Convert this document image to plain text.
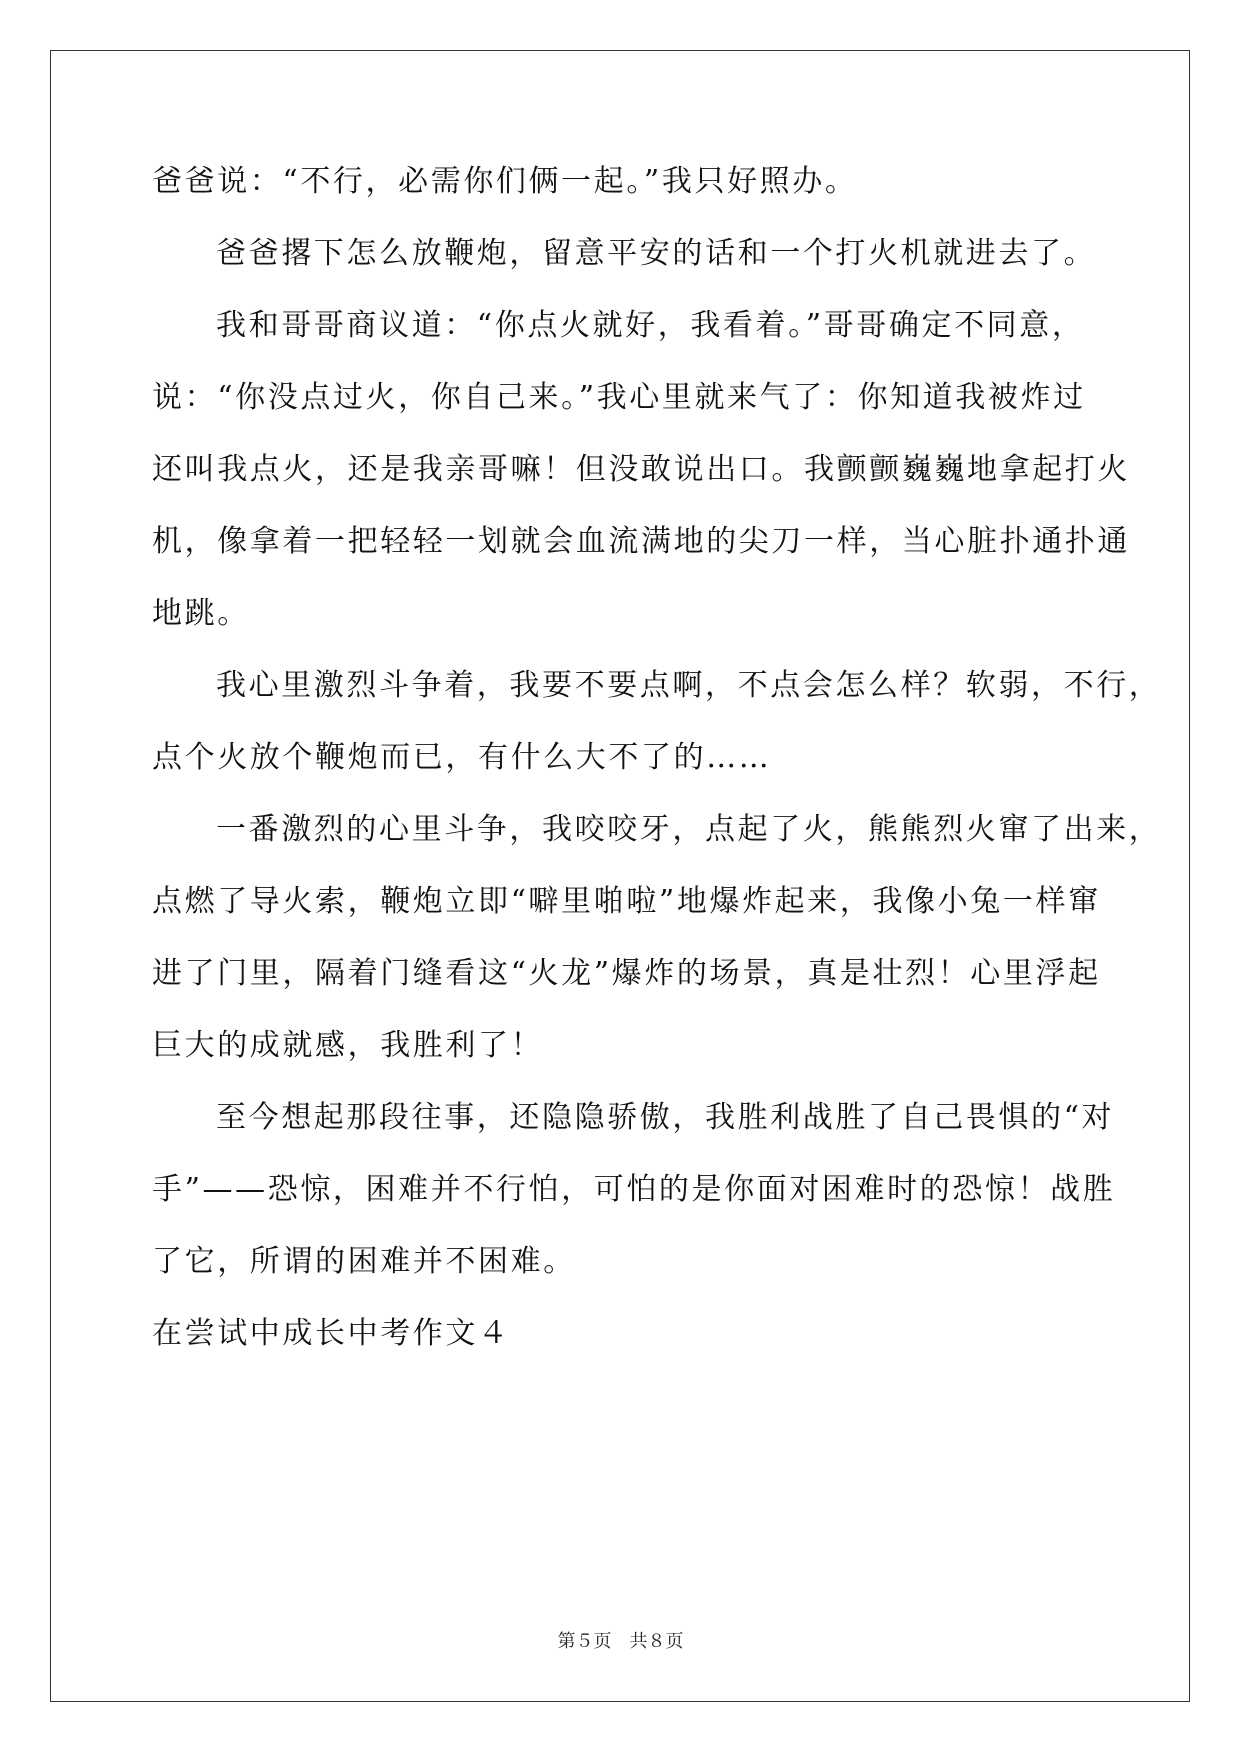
爸爸说：“不行，必需你们俩一起。”我只好照办。
爸爸撂下怎么放鞭炮，留意平安的话和一个打火机就进去了。
我和哥哥商议道：“你点火就好，我看着。”哥哥确定不同意，
说：“你没点过火，你自己来。”我心里就来气了：你知道我被炸过
还叫我点火，还是我亲哥嘛！但没敢说出口。我颤颤巍巍地拿起打火
机，像拿着一把轻轻一划就会血流满地的尖刀一样，当心脏扑通扑通
地跳。
我心里激烈斗争着，我要不要点啊，不点会怎么样？软弱，不行，
点个火放个鞭炮而已，有什么大不了的……
一番激烈的心里斗争，我咬咬牙，点起了火，熊熊烈火窜了出来，
点燃了导火索，鞭炮立即“噼里啪啦”地爆炸起来，我像小兔一样窜
进了门里，隔着门缝看这“火龙”爆炸的场景，真是壮烈！心里浮起
巨大的成就感，我胜利了！
至今想起那段往事，还隐隐骄傲，我胜利战胜了自己畏惧的“对
手”——恐惊，困难并不行怕，可怕的是你面对困难时的恐惊！战胜
了它，所谓的困难并不困难。
在尝试中成长中考作文４
第５页　共８页
